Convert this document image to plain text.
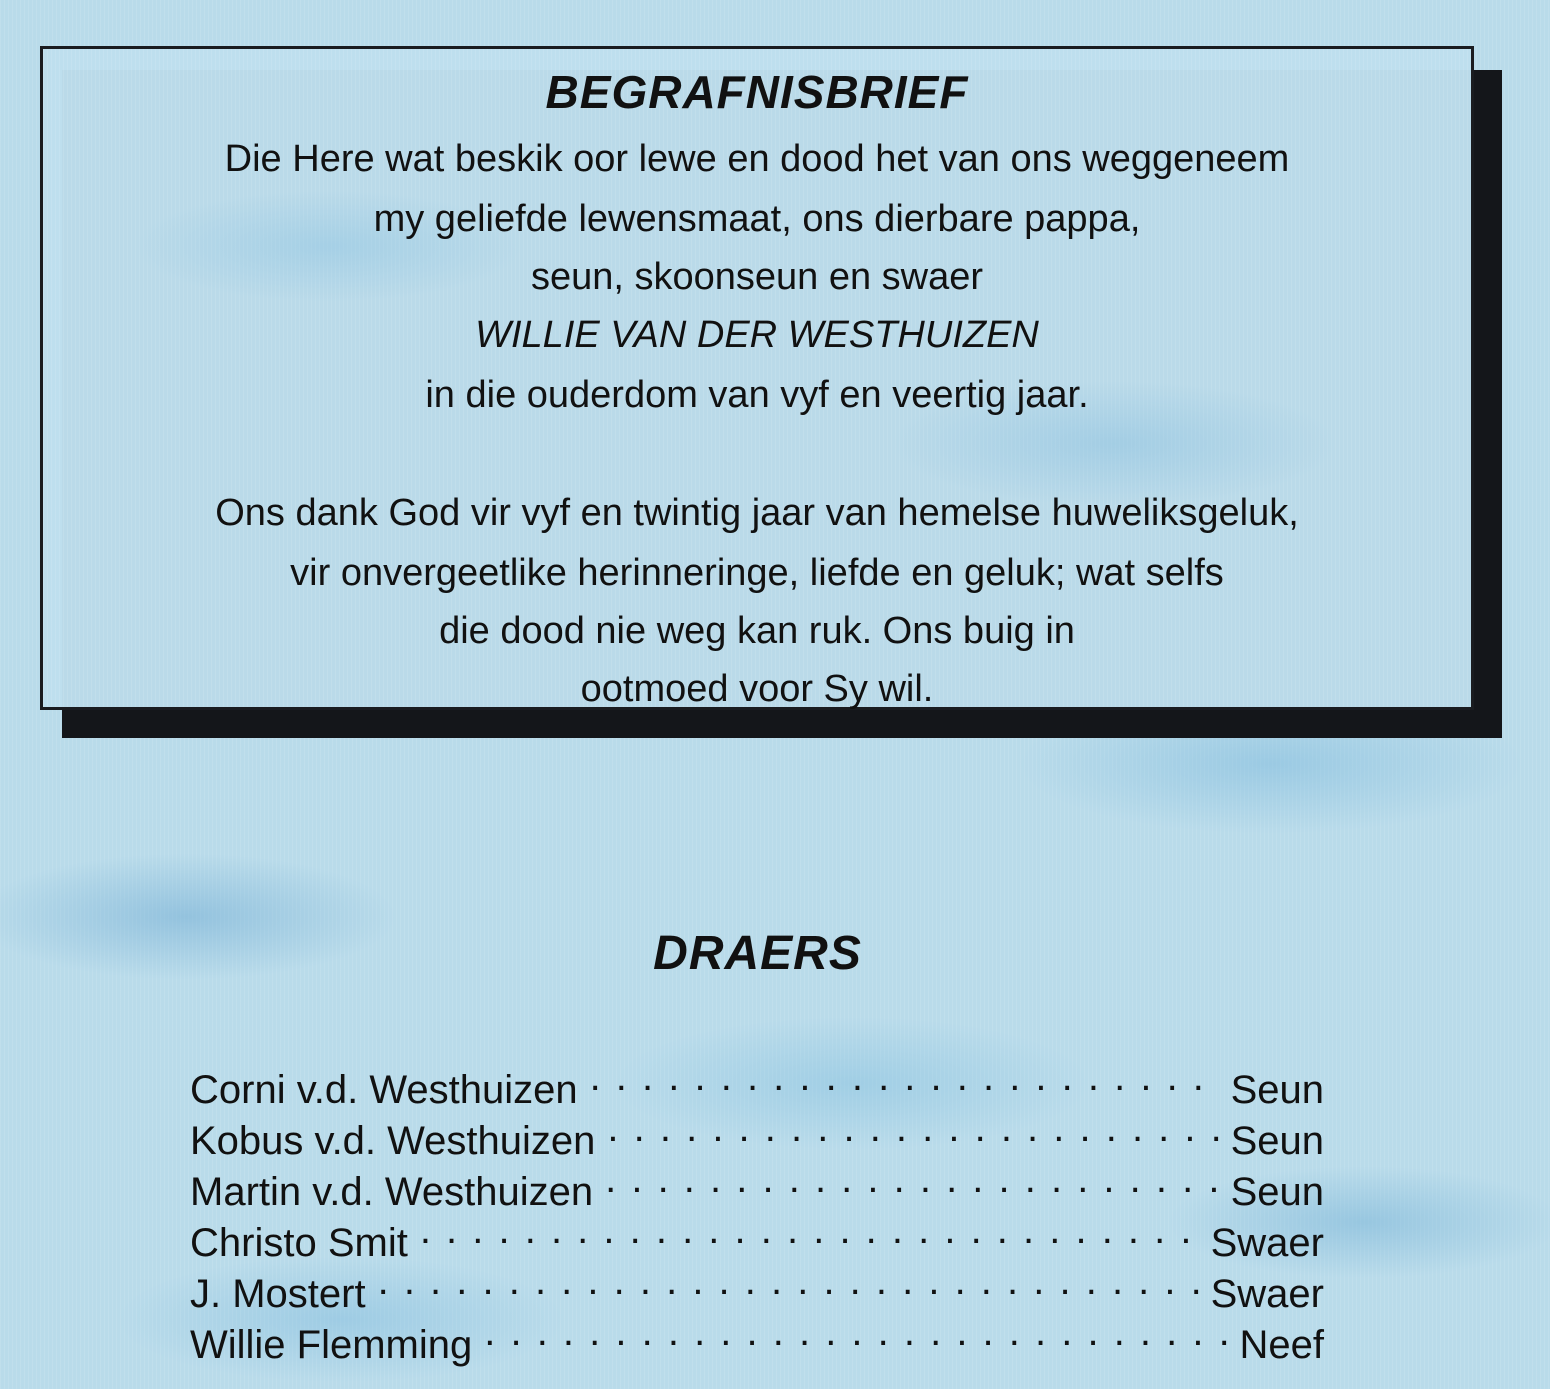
BEGRAFNISBRIEF

Die Here wat beskik oor lewe en dood het van ons weggeneem

my geliefde lewensmaat, ons dierbare pappa,

seun, skoonseun en swaer

WILLIE VAN DER WESTHUIZEN

in die ouderdom van vyf en veertig jaar.

Ons dank God vir vyf en twintig jaar van hemelse huweliksgeluk,

vir onvergeetlike herinneringe, liefde en geluk; wat selfs

die dood nie weg kan ruk. Ons buig in

ootmoed voor Sy wil.

DRAERS
Corni v.d. Westhuizen . . .	Seun
Kobus v.d. Westhuizen . . .	Seun
Martin v.d. Westhuizen . . .	Seun
Christo Smit . . .	Swaer
J. Mostert . . .	Swaer
Willie Flemming . . .	Neef
